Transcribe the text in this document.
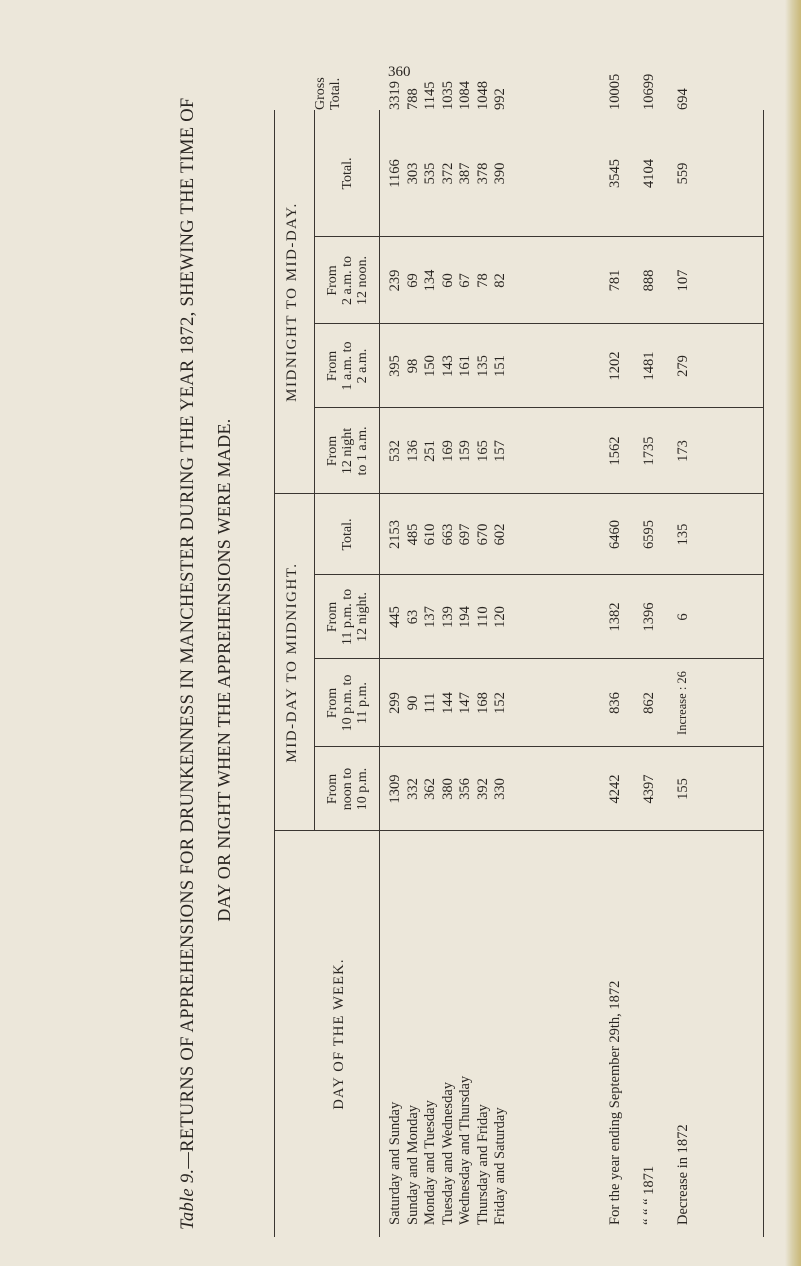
360
Table 9.—RETURNS OF APPREHENSIONS FOR DRUNKENNESS IN MANCHESTER DURING THE YEAR 1872, SHEWING THE TIME OF DAY OR NIGHT WHEN THE APPREHENSIONS WERE MADE.	MID-DAY TO MIDNIGHT.
MIDNIGHT TO MID-DAY.
DAY OF THE WEEK.
From noon to 10 p.m.
From 10 p.m. to 11 p.m.
From 11 p.m. to 12 night.
Total.
From 12 night to 1 a.m.
From 1 a.m. to 2 a.m.
From 2 a.m. to 12 noon.
Total.
Gross Total.
Saturday and Sunday
1309
299
445
2153
532
395
239
1166
3319
Sunday and Monday
332
90
63
485
136
98
69
303
788
Monday and Tuesday
362
111
137
610
251
150
134
535
1145
Tuesday and Wednesday
380
144
139
663
169
143
60
372
1035
Wednesday and Thursday
356
147
194
697
159
161
67
387
1084
Thursday and Friday
392
168
110
670
165
135
78
378
1048
Friday and Saturday
330
152
120
602
157
151
82
390
992
For the year ending September 29th, 1872
4242
836
1382
6460
1562
1202
781
3545
10005
“ “ “ 1871
4397
862
1396
6595
1735
1481
888
4104
10699
Decrease in 1872
155
Increase : 26
6
135
173
279
107
559
694
